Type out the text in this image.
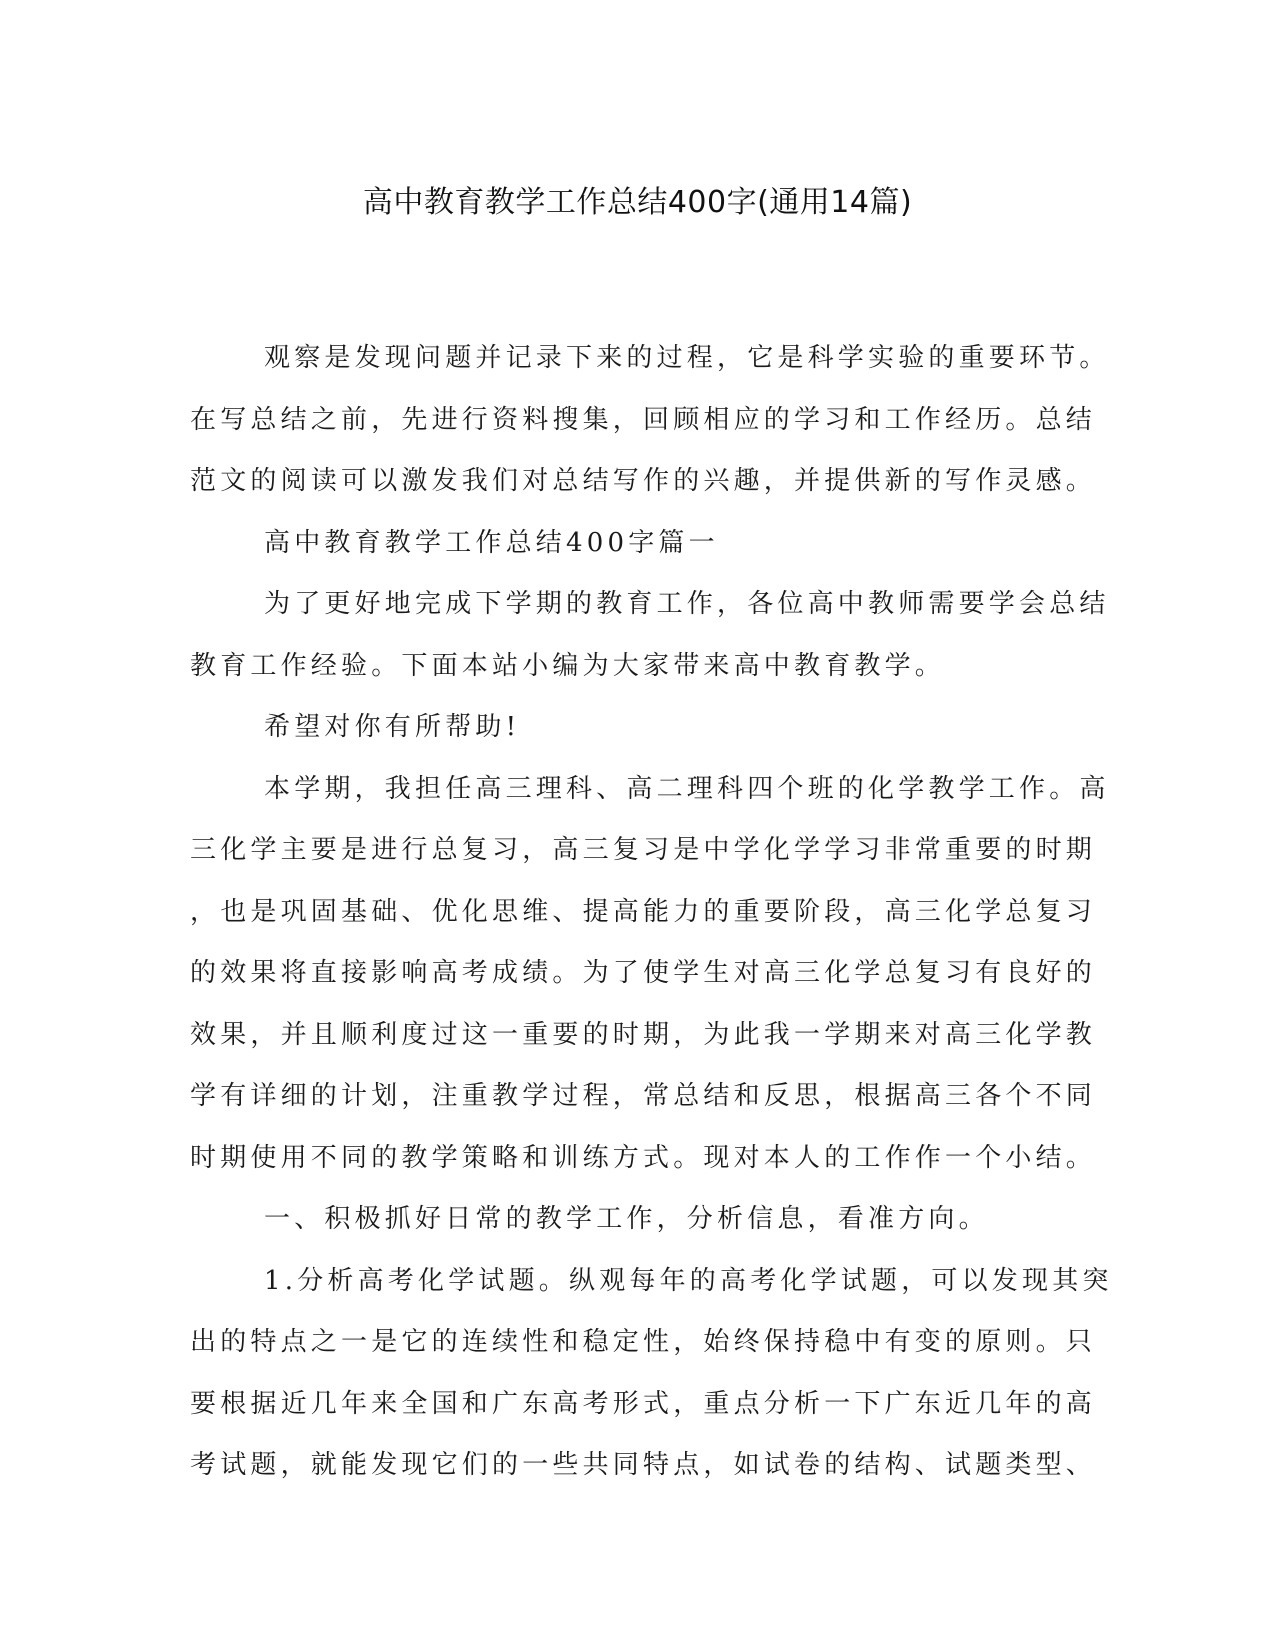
高中教育教学工作总结400字(通用14篇)

观察是发现问题并记录下来的过程，它是科学实验的重要环节。
在写总结之前，先进行资料搜集，回顾相应的学习和工作经历。总结
范文的阅读可以激发我们对总结写作的兴趣，并提供新的写作灵感。

高中教育教学工作总结400字篇一

为了更好地完成下学期的教育工作，各位高中教师需要学会总结
教育工作经验。下面本站小编为大家带来高中教育教学。

希望对你有所帮助!

本学期，我担任高三理科、高二理科四个班的化学教学工作。高
三化学主要是进行总复习，高三复习是中学化学学习非常重要的时期
，也是巩固基础、优化思维、提高能力的重要阶段，高三化学总复习
的效果将直接影响高考成绩。为了使学生对高三化学总复习有良好的
效果，并且顺利度过这一重要的时期，为此我一学期来对高三化学教
学有详细的计划，注重教学过程，常总结和反思，根据高三各个不同
时期使用不同的教学策略和训练方式。现对本人的工作作一个小结。

一、积极抓好日常的教学工作，分析信息，看准方向。

1.分析高考化学试题。纵观每年的高考化学试题，可以发现其突
出的特点之一是它的连续性和稳定性，始终保持稳中有变的原则。只
要根据近几年来全国和广东高考形式，重点分析一下广东近几年的高
考试题，就能发现它们的一些共同特点，如试卷的结构、试题类型、
